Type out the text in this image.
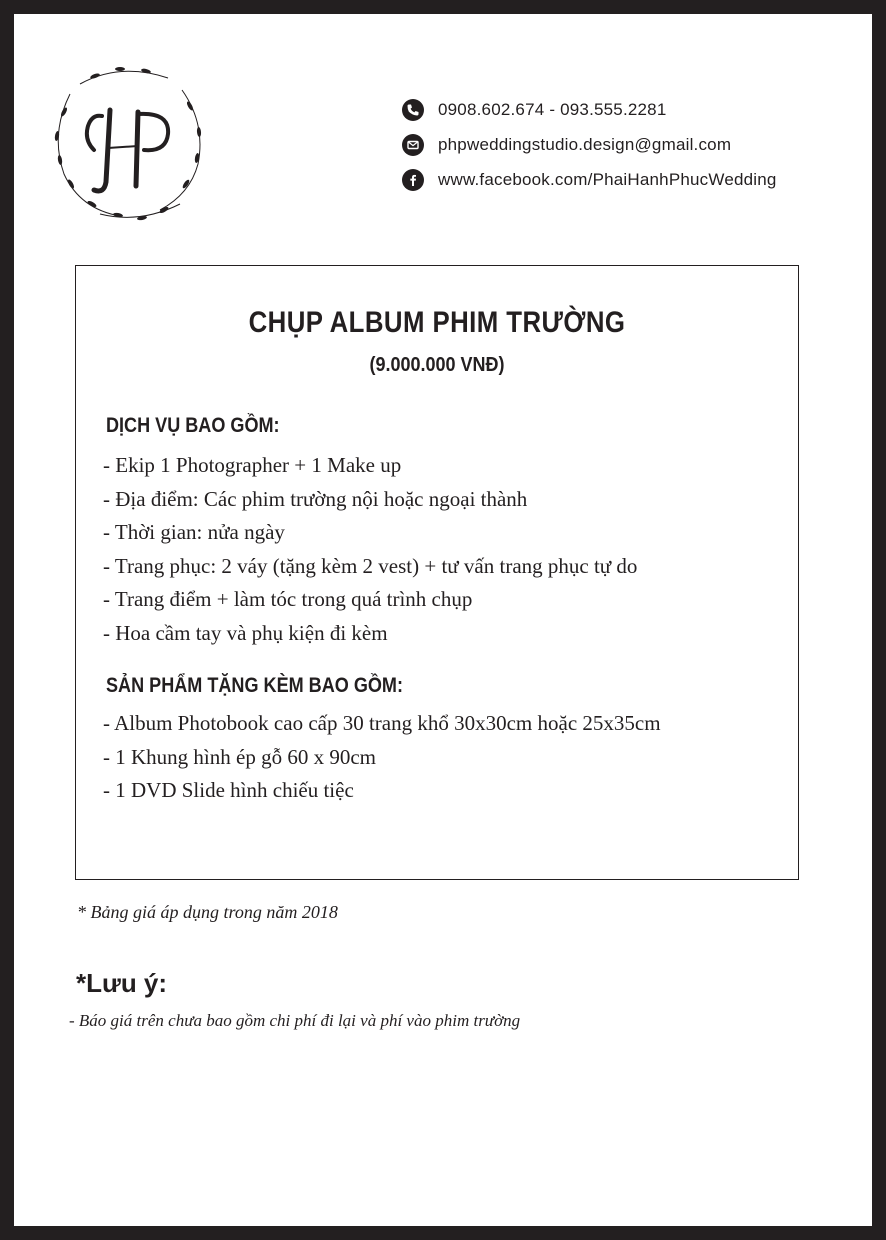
0908.602.674 - 093.555.2281
phpweddingstudio.design@gmail.com
www.facebook.com/PhaiHanhPhucWedding
CHỤP ALBUM PHIM TRƯỜNG
(9.000.000 VNĐ)
DỊCH VỤ BAO GỒM:
- Ekip 1 Photographer + 1 Make up
- Địa điểm: Các phim trường nội hoặc ngoại thành
- Thời gian: nửa ngày
- Trang phục: 2 váy (tặng kèm 2 vest) + tư vấn trang phục tự do
- Trang điểm + làm tóc trong quá trình chụp
- Hoa cầm tay và phụ kiện đi kèm
SẢN PHẨM TẶNG KÈM BAO GỒM:
- Album Photobook cao cấp 30 trang khổ 30x30cm hoặc 25x35cm
- 1 Khung hình ép gỗ 60 x 90cm
- 1 DVD Slide hình chiếu tiệc
* Bảng giá áp dụng trong năm 2018
*Lưu ý:
- Báo giá trên chưa bao gồm chi phí đi lại và phí vào phim trường
